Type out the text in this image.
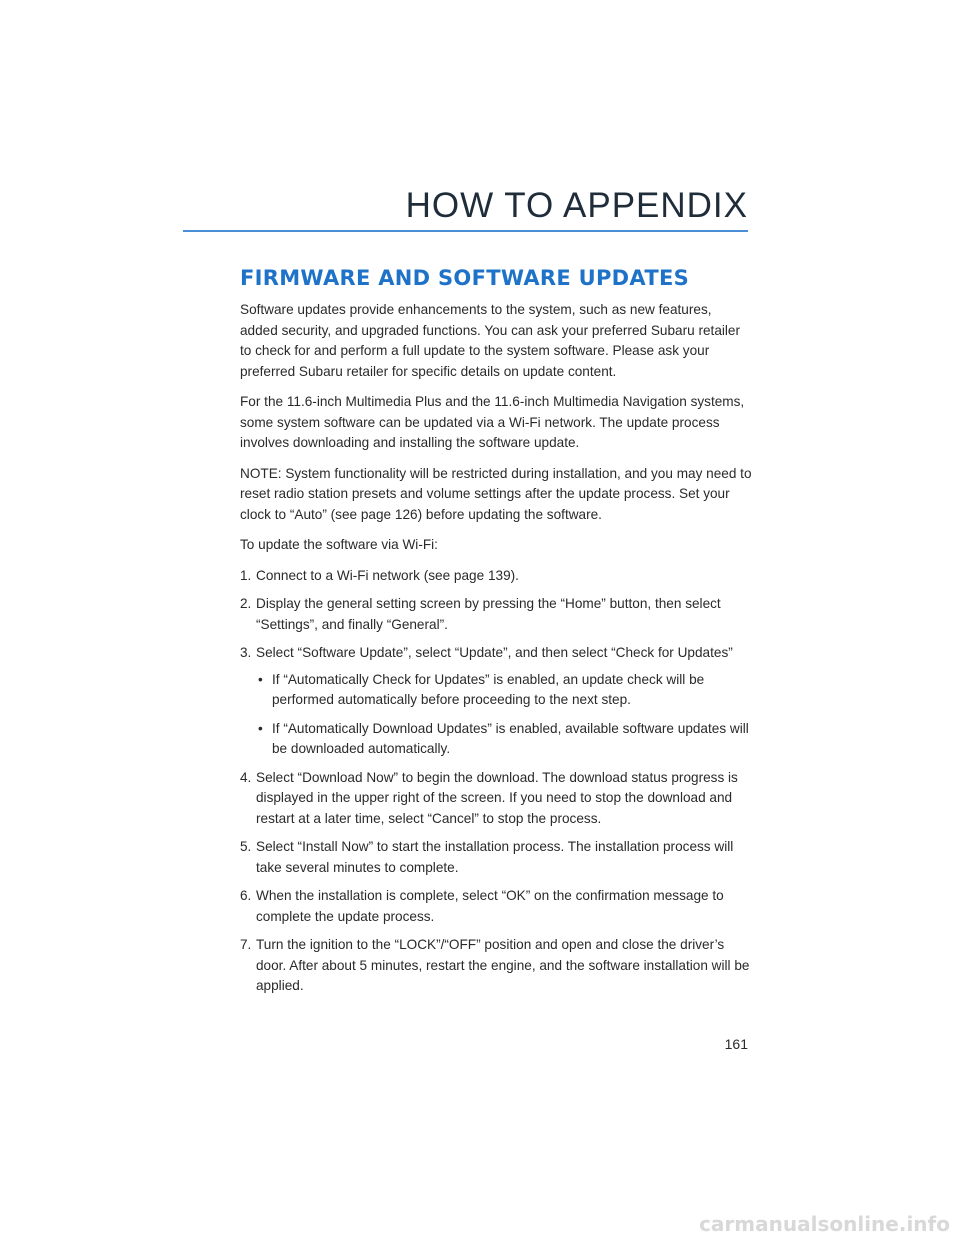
HOW TO APPENDIX
FIRMWARE AND SOFTWARE UPDATES

Software updates provide enhancements to the system, such as new features, added security, and upgraded functions. You can ask your preferred Subaru retailer to check for and perform a full update to the system software. Please ask your preferred Subaru retailer for specific details on update content.

For the 11.6-inch Multimedia Plus and the 11.6-inch Multimedia Navigation systems, some system software can be updated via a Wi-Fi network. The update process involves downloading and installing the software update.

NOTE: System functionality will be restricted during installation, and you may need to reset radio station presets and volume settings after the update process. Set your clock to “Auto” (see page 126) before updating the software.

To update the software via Wi-Fi:

1. Connect to a Wi-Fi network (see page 139).
2. Display the general setting screen by pressing the “Home” button, then select “Settings”, and finally “General”.
3. Select “Software Update”, select “Update”, and then select “Check for Updates”
• If “Automatically Check for Updates” is enabled, an update check will be performed automatically before proceeding to the next step.
• If “Automatically Download Updates” is enabled, available software updates will be downloaded automatically.
4. Select “Download Now” to begin the download. The download status progress is displayed in the upper right of the screen. If you need to stop the download and restart at a later time, select “Cancel” to stop the process.
5. Select “Install Now” to start the installation process. The installation process will take several minutes to complete.
6. When the installation is complete, select “OK” on the confirmation message to complete the update process.
7. Turn the ignition to the “LOCK”/“OFF” position and open and close the driver’s door. After about 5 minutes, restart the engine, and the software installation will be applied.
161
carmanualsonline.info
